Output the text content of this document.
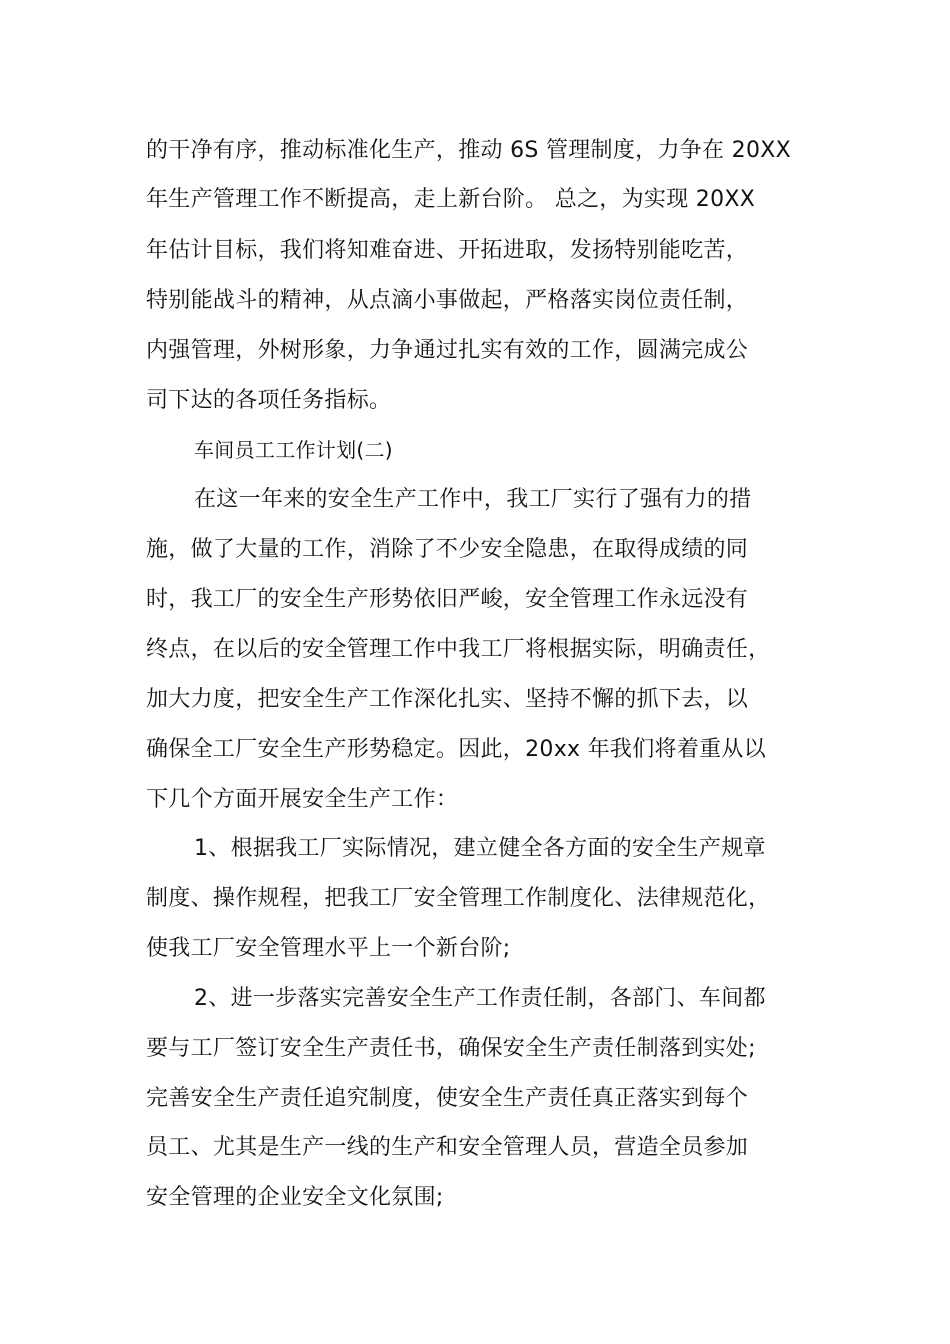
的干净有序，推动标准化生产，推动 6S 管理制度，力争在 20XX
年生产管理工作不断提高，走上新台阶。 总之，为实现 20XX
年估计目标，我们将知难奋进、开拓进取，发扬特别能吃苦，
特别能战斗的精神，从点滴小事做起，严格落实岗位责任制，
内强管理，外树形象，力争通过扎实有效的工作，圆满完成公
司下达的各项任务指标。
车间员工工作计划(二)
在这一年来的安全生产工作中，我工厂实行了强有力的措
施，做了大量的工作，消除了不少安全隐患，在取得成绩的同
时，我工厂的安全生产形势依旧严峻，安全管理工作永远没有
终点，在以后的安全管理工作中我工厂将根据实际，明确责任，
加大力度，把安全生产工作深化扎实、坚持不懈的抓下去，以
确保全工厂安全生产形势稳定。因此，20xx 年我们将着重从以
下几个方面开展安全生产工作：
1、根据我工厂实际情况，建立健全各方面的安全生产规章
制度、操作规程，把我工厂安全管理工作制度化、法律规范化，
使我工厂安全管理水平上一个新台阶;
2、进一步落实完善安全生产工作责任制，各部门、车间都
要与工厂签订安全生产责任书，确保安全生产责任制落到实处;
完善安全生产责任追究制度，使安全生产责任真正落实到每个
员工、尤其是生产一线的生产和安全管理人员，营造全员参加
安全管理的企业安全文化氛围;
